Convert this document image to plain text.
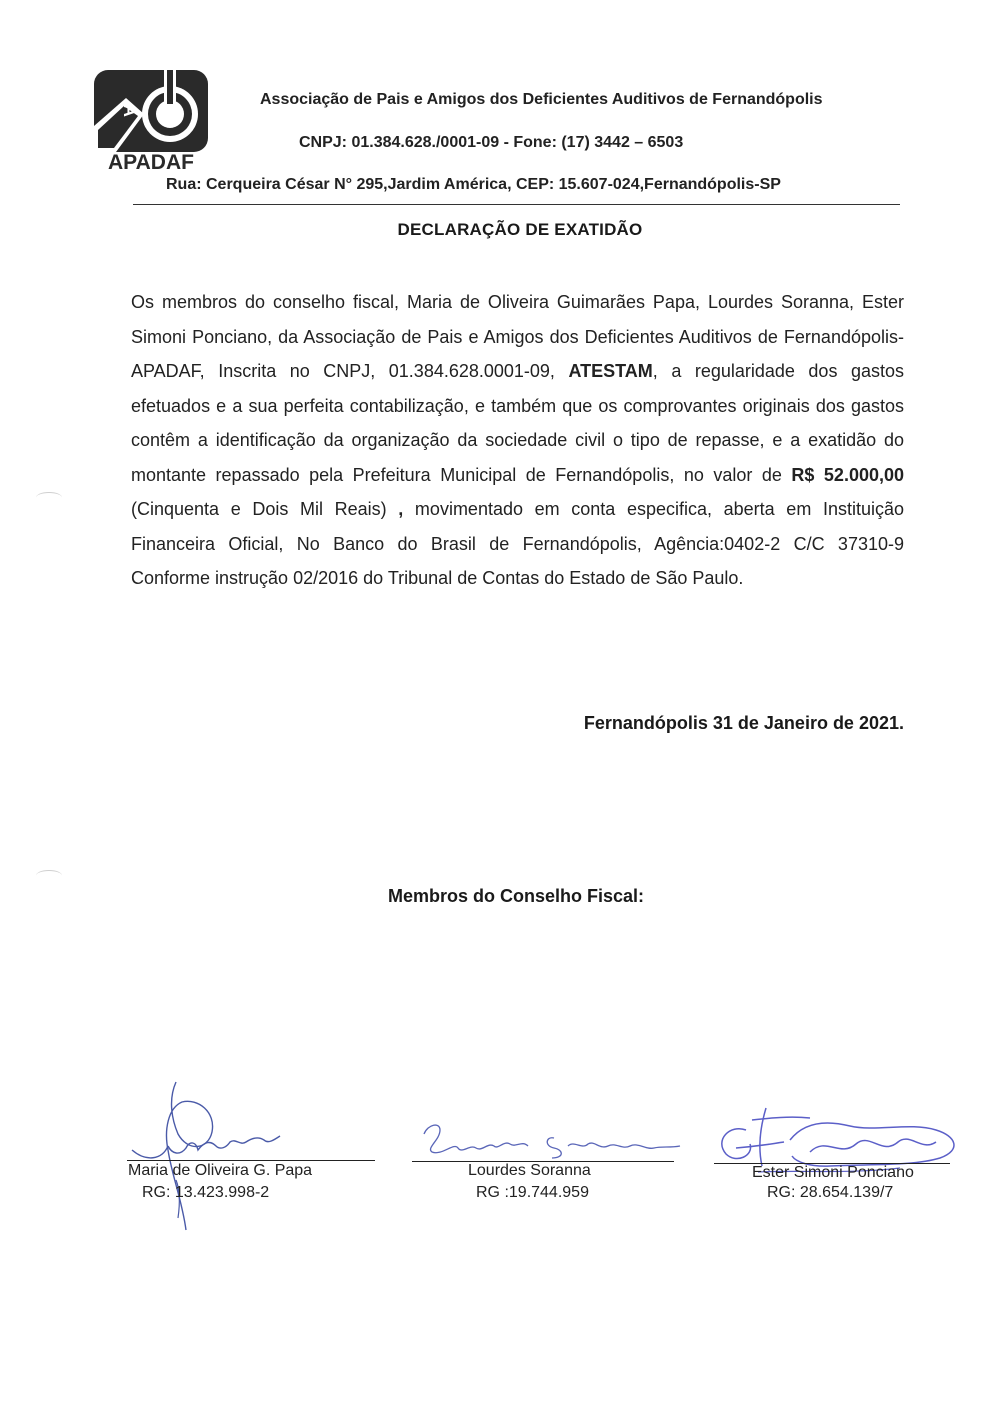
A
APADAF
Associação de Pais e Amigos dos Deficientes Auditivos de Fernandópolis
CNPJ: 01.384.628./0001-09 - Fone: (17) 3442 – 6503
Rua: Cerqueira César N° 295,Jardim América, CEP: 15.607-024,Fernandópolis-SP
DECLARAÇÃO DE EXATIDÃO
Os membros do conselho fiscal, Maria de Oliveira Guimarães Papa, Lourdes Soranna, Ester Simoni Ponciano, da Associação de Pais e Amigos dos Deficientes Auditivos de Fernandópolis-APADAF, Inscrita no CNPJ, 01.384.628.0001-09, ATESTAM, a regularidade dos gastos efetuados e a sua perfeita contabilização, e também que os comprovantes originais dos gastos contêm a identificação da organização da sociedade civil o tipo de repasse, e a exatidão do montante repassado pela Prefeitura Municipal de Fernandópolis, no valor de R$ 52.000,00 (Cinquenta e Dois Mil Reais) , movimentado em conta especifica, aberta em Instituição Financeira Oficial, No Banco do Brasil de Fernandópolis, Agência:0402-2 C/C 37310-9 Conforme instrução 02/2016 do Tribunal de Contas do Estado de São Paulo.
Fernandópolis 31 de Janeiro de 2021.
Membros do Conselho Fiscal:
Maria de Oliveira G. Papa
RG: 13.423.998-2
Lourdes Soranna
RG :19.744.959
Ester Simoni Ponciano
RG: 28.654.139/7
